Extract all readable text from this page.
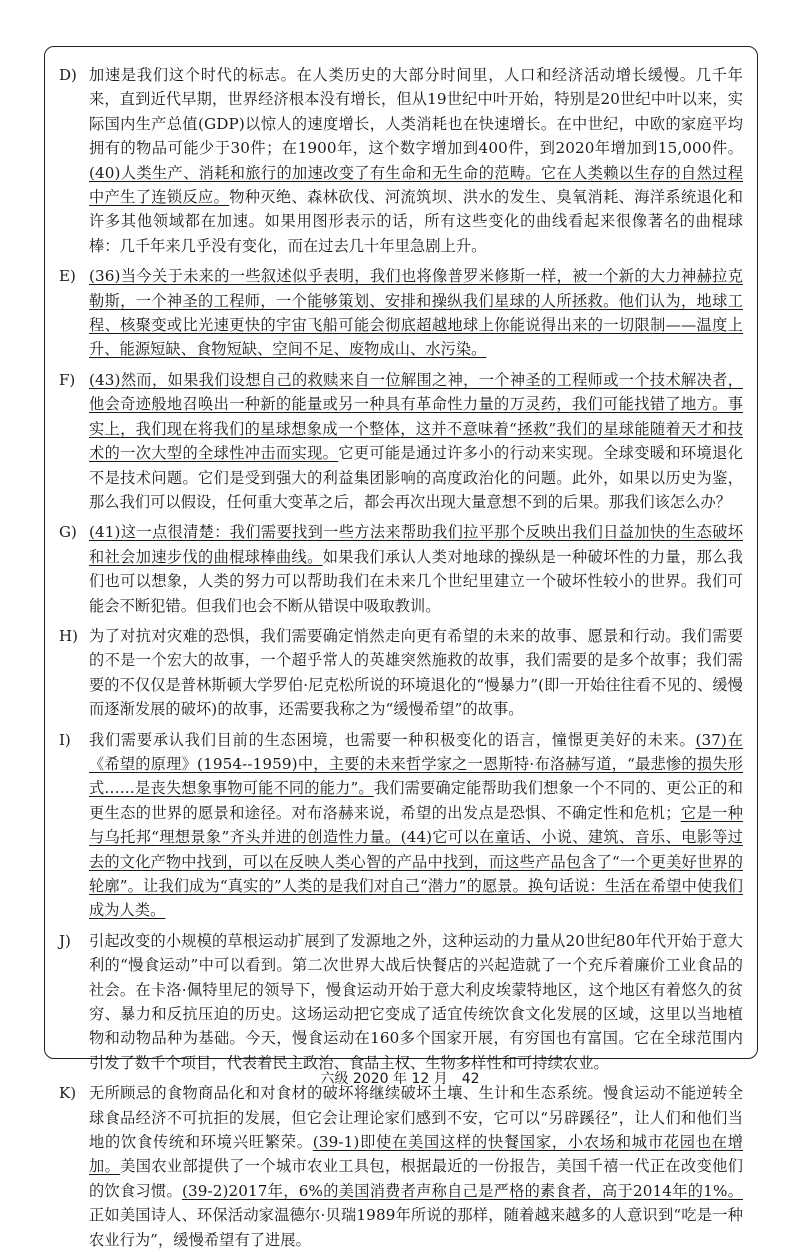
D) 加速是我们这个时代的标志。在人类历史的大部分时间里，人口和经济活动增长缓慢。几千年来，直到近代早期，世界经济根本没有增长，但从19世纪中叶开始，特别是20世纪中叶以来，实际国内生产总值(GDP)以惊人的速度增长，人类消耗也在快速增长。在中世纪，中欧的家庭平均拥有的物品可能少于30件；在1900年，这个数字增加到400件，到2020年增加到15,000件。(40)人类生产、消耗和旅行的加速改变了有生命和无生命的范畴。它在人类赖以生存的自然过程中产生了连锁反应。物种灭绝、森林砍伐、河流筑坝、洪水的发生、臭氧消耗、海洋系统退化和许多其他领域都在加速。如果用图形表示的话，所有这些变化的曲线看起来很像著名的曲棍球棒：几千年来几乎没有变化，而在过去几十年里急剧上升。
E) (36)当今关于未来的一些叙述似乎表明，我们也将像普罗米修斯一样，被一个新的大力神赫拉克勒斯，一个神圣的工程师，一个能够策划、安排和操纵我们星球的人所拯救。他们认为，地球工程、核聚变或比光速更快的宇宙飞船可能会彻底超越地球上你能说得出来的一切限制——温度上升、能源短缺、食物短缺、空间不足、废物成山、水污染。
F) (43)然而，如果我们设想自己的救赎来自一位解围之神，一个神圣的工程师或一个技术解决者，他会奇迹般地召唤出一种新的能量或另一种具有革命性力量的万灵药，我们可能找错了地方。事实上，我们现在将我们的星球想象成一个整体，这并不意味着“拯救”我们的星球能随着天才和技术的一次大型的全球性冲击而实现。它更可能是通过许多小的行动来实现。全球变暖和环境退化不是技术问题。它们是受到强大的利益集团影响的高度政治化的问题。此外，如果以历史为鉴，那么我们可以假设，任何重大变革之后，都会再次出现大量意想不到的后果。那我们该怎么办？
G) (41)这一点很清楚：我们需要找到一些方法来帮助我们拉平那个反映出我们日益加快的生态破坏和社会加速步伐的曲棍球棒曲线。如果我们承认人类对地球的操纵是一种破坏性的力量，那么我们也可以想象，人类的努力可以帮助我们在未来几个世纪里建立一个破坏性较小的世界。我们可能会不断犯错。但我们也会不断从错误中吸取教训。
H) 为了对抗对灾难的恐惧，我们需要确定悄然走向更有希望的未来的故事、愿景和行动。我们需要的不是一个宏大的故事，一个超乎常人的英雄突然施救的故事，我们需要的是多个故事；我们需要的不仅仅是普林斯顿大学罗伯·尼克松所说的环境退化的“慢暴力”(即一开始往往看不见的、缓慢而逐渐发展的破坏)的故事，还需要我称之为“缓慢希望”的故事。
I)	我们需要承认我们目前的生态困境，也需要一种积极变化的语言，憧憬更美好的未来。(37)在《希望的原理》(1954--1959)中，主要的未来哲学家之一恩斯特·布洛赫写道，“最悲惨的损失形式……是丧失想象事物可能不同的能力”。我们需要确定能帮助我们想象一个不同的、更公正的和更生态的世界的愿景和途径。对布洛赫来说，希望的出发点是恐惧、不确定性和危机；它是一种与乌托邦“理想景象”齐头并进的创造性力量。(44)它可以在童话、小说、建筑、音乐、电影等过去的文化产物中找到，可以在反映人类心智的产品中找到，而这些产品包含了“一个更美好世界的轮廓”。让我们成为“真实的”人类的是我们对自己“潜力”的愿景。换句话说：生活在希望中使我们成为人类。
J)	引起改变的小规模的草根运动扩展到了发源地之外，这种运动的力量从20世纪80年代开始于意大利的“慢食运动”中可以看到。第二次世界大战后快餐店的兴起造就了一个充斥着廉价工业食品的社会。在卡洛·佩特里尼的领导下，慢食运动开始于意大利皮埃蒙特地区，这个地区有着悠久的贫穷、暴力和反抗压迫的历史。这场运动把它变成了适宜传统饮食文化发展的区域，这里以当地植物和动物品种为基础。今天，慢食运动在160多个国家开展，有穷国也有富国。它在全球范围内引发了数千个项目，代表着民主政治、食品主权、生物多样性和可持续农业。
K) 无所顾忌的食物商品化和对食材的破坏将继续破坏土壤、生计和生态系统。慢食运动不能逆转全球食品经济不可抗拒的发展，但它会让理论家们感到不安，它可以“另辟蹊径”，让人们和他们当地的饮食传统和环境兴旺繁荣。(39-1)即使在美国这样的快餐国家，小农场和城市花园也在增加。美国农业部提供了一个城市农业工具包，根据最近的一份报告，美国千禧一代正在改变他们的饮食习惯。(39-2)2017年，6%的美国消费者声称自己是严格的素食者，高于2014年的1%。正如美国诗人、环保活动家温德尔·贝瑞1989年所说的那样，随着越来越多的人意识到“吃是一种农业行为”，缓慢希望有了进展。
六级 2020 年 12 月　42
